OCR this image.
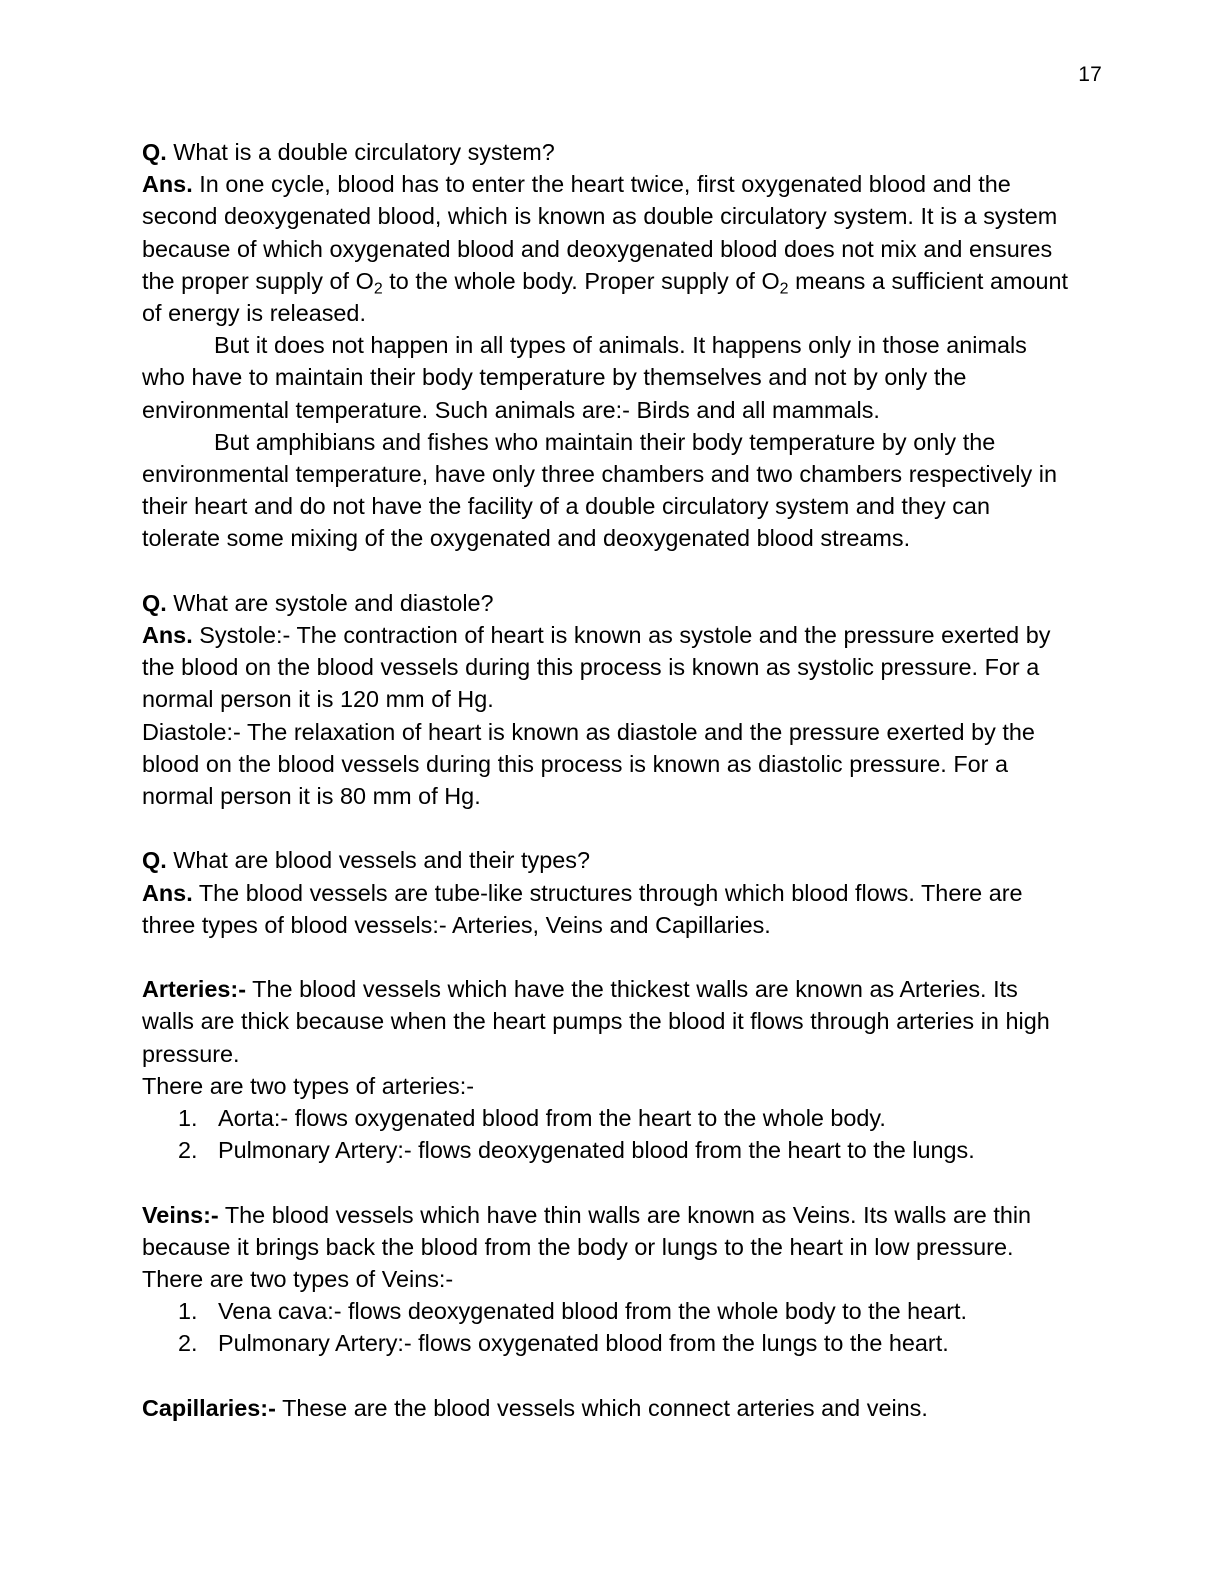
17

Q. What is a double circulatory system?

Ans. In one cycle, blood has to enter the heart twice, first oxygenated blood and the second deoxygenated blood, which is known as double circulatory system. It is a system because of which oxygenated blood and deoxygenated blood does not mix and ensures the proper supply of $O_2$ to the whole body. Proper supply of $O_2$ means a sufficient amount of energy is released.

But it does not happen in all types of animals. It happens only in those animals who have to maintain their body temperature by themselves and not by only the environmental temperature. Such animals are:- Birds and all mammals.

But amphibians and fishes who maintain their body temperature by only the environmental temperature, have only three chambers and two chambers respectively in their heart and do not have the facility of a double circulatory system and they can tolerate some mixing of the oxygenated and deoxygenated blood streams.

Q. What are systole and diastole?

Ans. Systole:- The contraction of heart is known as systole and the pressure exerted by the blood on the blood vessels during this process is known as systolic pressure. For a normal person it is 120 mm of Hg.

Diastole:- The relaxation of heart is known as diastole and the pressure exerted by the blood on the blood vessels during this process is known as diastolic pressure. For a normal person it is 80 mm of Hg.

Q. What are blood vessels and their types?

Ans. The blood vessels are tube-like structures through which blood flows. There are three types of blood vessels:- Arteries, Veins and Capillaries.

Arteries:- The blood vessels which have the thickest walls are known as Arteries. Its walls are thick because when the heart pumps the blood it flows through arteries in high pressure.

There are two types of arteries:-

1. Aorta:- flows oxygenated blood from the heart to the whole body.
2. Pulmonary Artery:- flows deoxygenated blood from the heart to the lungs.

Veins:- The blood vessels which have thin walls are known as Veins. Its walls are thin because it brings back the blood from the body or lungs to the heart in low pressure.

There are two types of Veins:-

1. Vena cava:- flows deoxygenated blood from the whole body to the heart.
2. Pulmonary Artery:- flows oxygenated blood from the lungs to the heart.

Capillaries:- These are the blood vessels which connect arteries and veins.
